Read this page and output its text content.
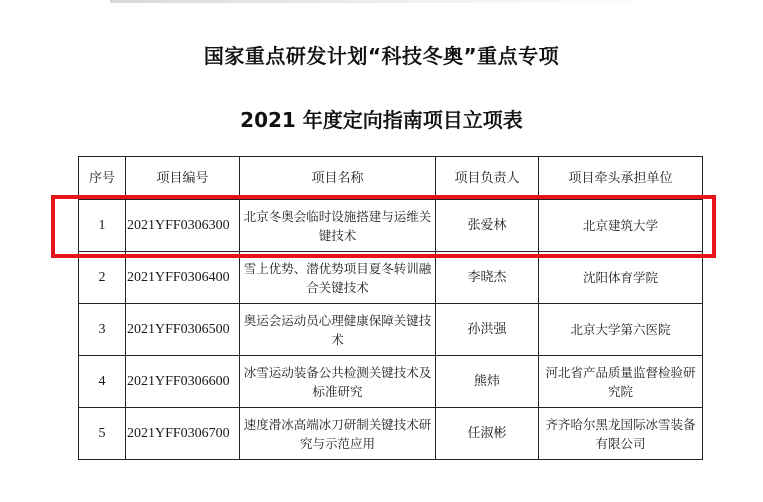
国家重点研发计划“科技冬奥”重点专项
2021 年度定向指南项目立项表
序号	项目编号	项目名称	项目负责人	项目牵头承担单位
1	2021YFF0306300	北京冬奥会临时设施搭建与运维关键技术	张爱林	北京建筑大学
2	2021YFF0306400	雪上优势、潜优势项目夏冬转训融合关键技术	李晓杰	沈阳体育学院
3	2021YFF0306500	奥运会运动员心理健康保障关键技术	孙洪强	北京大学第六医院
4	2021YFF0306600	冰雪运动装备公共检测关键技术及标准研究	熊炜	河北省产品质量监督检验研究院
5	2021YFF0306700	速度滑冰高端冰刀研制关键技术研究与示范应用	任淑彬	齐齐哈尔黑龙国际冰雪装备有限公司
